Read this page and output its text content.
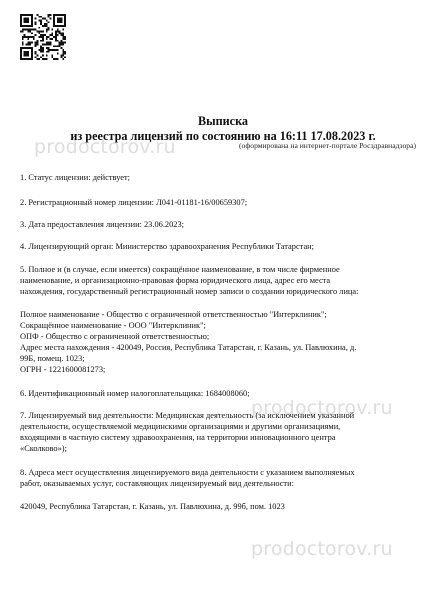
prodoctorov.ru
prodoctorov.ru
prodoctorov.ru
Выписка
из реестра лицензий по состоянию на 16:11 17.08.2023 г.
(оформирована на интернет-портале Росздравнадзора)
1. Статус лицензии: действует;
2. Регистрационный номер лицензии: Л041-01181-16/00659307;
3. Дата предоставления лицензии: 23.06.2023;
4. Лицензирующий орган: Министерство здравоохранения Республики Татарстан;
5. Полное и (в случае, если имеется) сокращённое наименование, в том числе фирменное
наименование, и организационно-правовая форма юридического лица, адрес его места
нахождения, государственный регистрационный номер записи о создании юридического лица:
Полное наименование - Общество с ограниченной ответственностью "Интерклиник";
Сокращённое наименование - ООО "Интерклиник";
ОПФ - Общество с ограниченной ответственностью;
Адрес места нахождения - 420049, Россия, Республика Татарстан, г. Казань, ул. Павлюхина, д.
99Б, помещ. 1023;
ОГРН - 1221600081273;
6. Идентификационный номер налогоплательщика: 1684008060;
7. Лицензируемый вид деятельности: Медицинская деятельность (за исключением указанной
деятельности, осуществляемой медицинскими организациями и другими организациями,
входящими в частную систему здравоохранения, на территории инновационного центра
«Сколково»);
8. Адреса мест осуществления лицензируемого вида деятельности с указанием выполняемых
работ, оказываемых услуг, составляющих лицензируемый вид деятельности:
420049, Республика Татарстан, г. Казань, ул. Павлюхина, д. 99б, пом. 1023
